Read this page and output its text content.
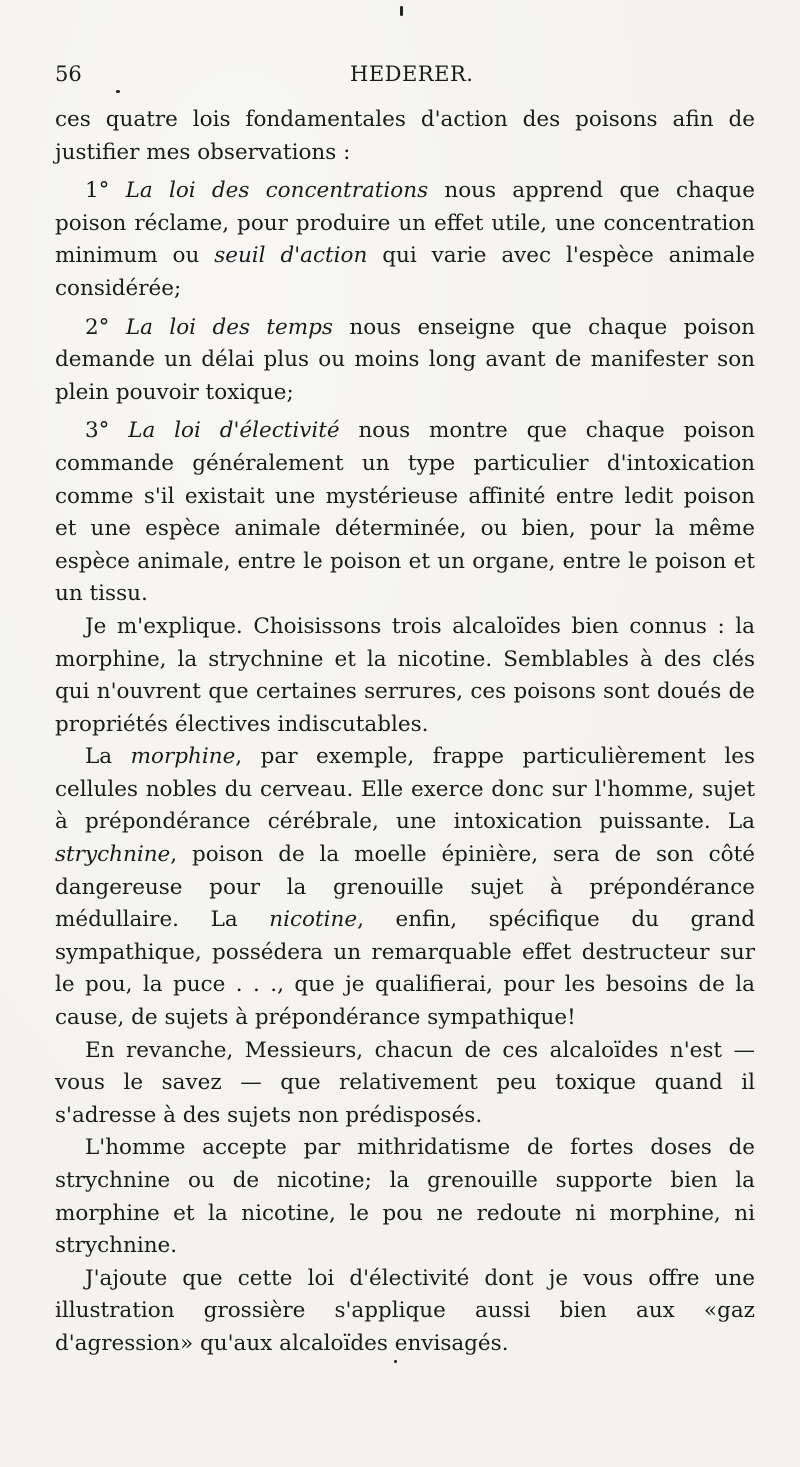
56	HEDERER.

ces quatre lois fondamentales d'action des poisons afin de justifier mes observations :

1° La loi des concentrations nous apprend que chaque poison réclame, pour produire un effet utile, une concentration minimum ou seuil d'action qui varie avec l'espèce animale considérée;

2° La loi des temps nous enseigne que chaque poison demande un délai plus ou moins long avant de manifester son plein pouvoir toxique;

3° La loi d'électivité nous montre que chaque poison commande généralement un type particulier d'intoxication comme s'il existait une mystérieuse affinité entre ledit poison et une espèce animale déterminée, ou bien, pour la même espèce animale, entre le poison et un organe, entre le poison et un tissu.

Je m'explique. Choisissons trois alcaloïdes bien connus : la morphine, la strychnine et la nicotine. Semblables à des clés qui n'ouvrent que certaines serrures, ces poisons sont doués de propriétés électives indiscutables.

La morphine, par exemple, frappe particulièrement les cellules nobles du cerveau. Elle exerce donc sur l'homme, sujet à prépondérance cérébrale, une intoxication puissante. La strychnine, poison de la moelle épinière, sera de son côté dangereuse pour la grenouille sujet à prépondérance médullaire. La nicotine, enfin, spécifique du grand sympathique, possédera un remarquable effet destructeur sur le pou, la puce . . ., que je qualifierai, pour les besoins de la cause, de sujets à prépondérance sympathique!

En revanche, Messieurs, chacun de ces alcaloïdes n'est — vous le savez — que relativement peu toxique quand il s'adresse à des sujets non prédisposés.

L'homme accepte par mithridatisme de fortes doses de strychnine ou de nicotine; la grenouille supporte bien la morphine et la nicotine, le pou ne redoute ni morphine, ni strychnine.

J'ajoute que cette loi d'électivité dont je vous offre une illustration grossière s'applique aussi bien aux «gaz d'agression» qu'aux alcaloïdes envisagés.
